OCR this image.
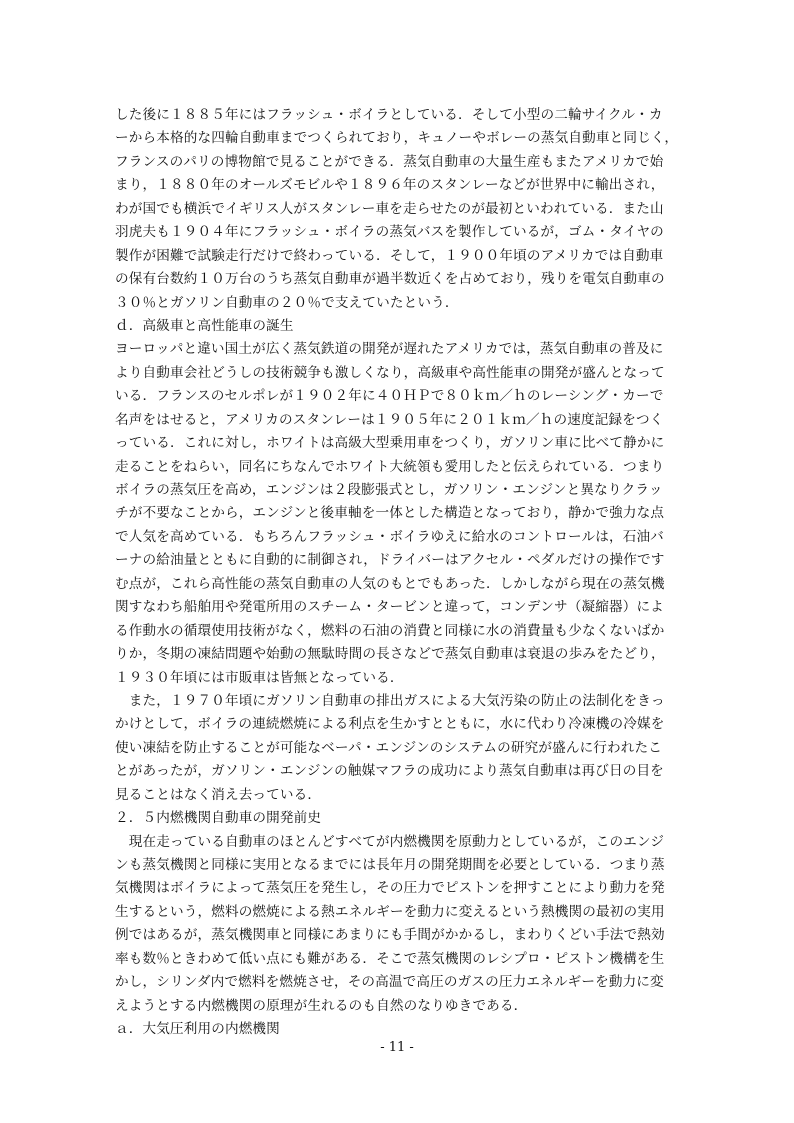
した後に１８８５年にはフラッシュ・ボイラとしている．そして小型の二輪サイクル・カ
ーから本格的な四輪自動車までつくられており，キュノーやボレーの蒸気自動車と同じく，
フランスのパリの博物館で見ることができる．蒸気自動車の大量生産もまたアメリカで始
まり，１８８０年のオールズモビルや１８９６年のスタンレーなどが世界中に輸出され，
わが国でも横浜でイギリス人がスタンレー車を走らせたのが最初といわれている．また山
羽虎夫も１９０４年にフラッシュ・ボイラの蒸気バスを製作しているが，ゴム・タイヤの
製作が困難で試験走行だけで終わっている．そして，１９００年頃のアメリカでは自動車
の保有台数約１０万台のうち蒸気自動車が過半数近くを占めており，残りを電気自動車の
３０％とガソリン自動車の２０％で支えていたという．
ｄ．高級車と高性能車の誕生
ヨーロッパと違い国土が広く蒸気鉄道の開発が遅れたアメリカでは，蒸気自動車の普及に
より自動車会社どうしの技術競争も激しくなり，高級車や高性能車の開発が盛んとなって
いる．フランスのセルポレが１９０２年に４０ＨＰで８０ｋｍ／ｈのレーシング・カーで
名声をはせると，アメリカのスタンレーは１９０５年に２０１ｋｍ／ｈの速度記録をつく
っている．これに対し，ホワイトは高級大型乗用車をつくり，ガソリン車に比べて静かに
走ることをねらい，同名にちなんでホワイト大統領も愛用したと伝えられている．つまり
ボイラの蒸気圧を高め，エンジンは２段膨張式とし，ガソリン・エンジンと異なりクラッ
チが不要なことから，エンジンと後車軸を一体とした構造となっており，静かで強力な点
で人気を高めている．もちろんフラッシュ・ボイラゆえに給水のコントロールは，石油バ
ーナの給油量とともに自動的に制御され，ドライバーはアクセル・ペダルだけの操作です
む点が，これら高性能の蒸気自動車の人気のもとでもあった．しかしながら現在の蒸気機
関すなわち船舶用や発電所用のスチーム・タービンと違って，コンデンサ（凝縮器）によ
る作動水の循環使用技術がなく，燃料の石油の消費と同様に水の消費量も少なくないばか
りか，冬期の凍結問題や始動の無駄時間の長さなどで蒸気自動車は衰退の歩みをたどり，
１９３０年頃には市販車は皆無となっている．
　また，１９７０年頃にガソリン自動車の排出ガスによる大気汚染の防止の法制化をきっ
かけとして，ボイラの連続燃焼による利点を生かすとともに，水に代わり冷凍機の冷媒を
使い凍結を防止することが可能なベーパ・エンジンのシステムの研究が盛んに行われたこ
とがあったが，ガソリン・エンジンの触媒マフラの成功により蒸気自動車は再び日の目を
見ることはなく消え去っている．
２．５内燃機関自動車の開発前史
　現在走っている自動車のほとんどすべてが内燃機関を原動力としているが，このエンジ
ンも蒸気機関と同様に実用となるまでには長年月の開発期間を必要としている．つまり蒸
気機関はボイラによって蒸気圧を発生し，その圧力でピストンを押すことにより動力を発
生するという，燃料の燃焼による熱エネルギーを動力に変えるという熱機関の最初の実用
例ではあるが，蒸気機関車と同様にあまりにも手間がかかるし，まわりくどい手法で熱効
率も数％ときわめて低い点にも難がある．そこで蒸気機関のレシプロ・ピストン機構を生
かし，シリンダ内で燃料を燃焼させ，その高温で高圧のガスの圧力エネルギーを動力に変
えようとする内燃機関の原理が生れるのも自然のなりゆきである．
ａ．大気圧利用の内燃機関
- 11 -
